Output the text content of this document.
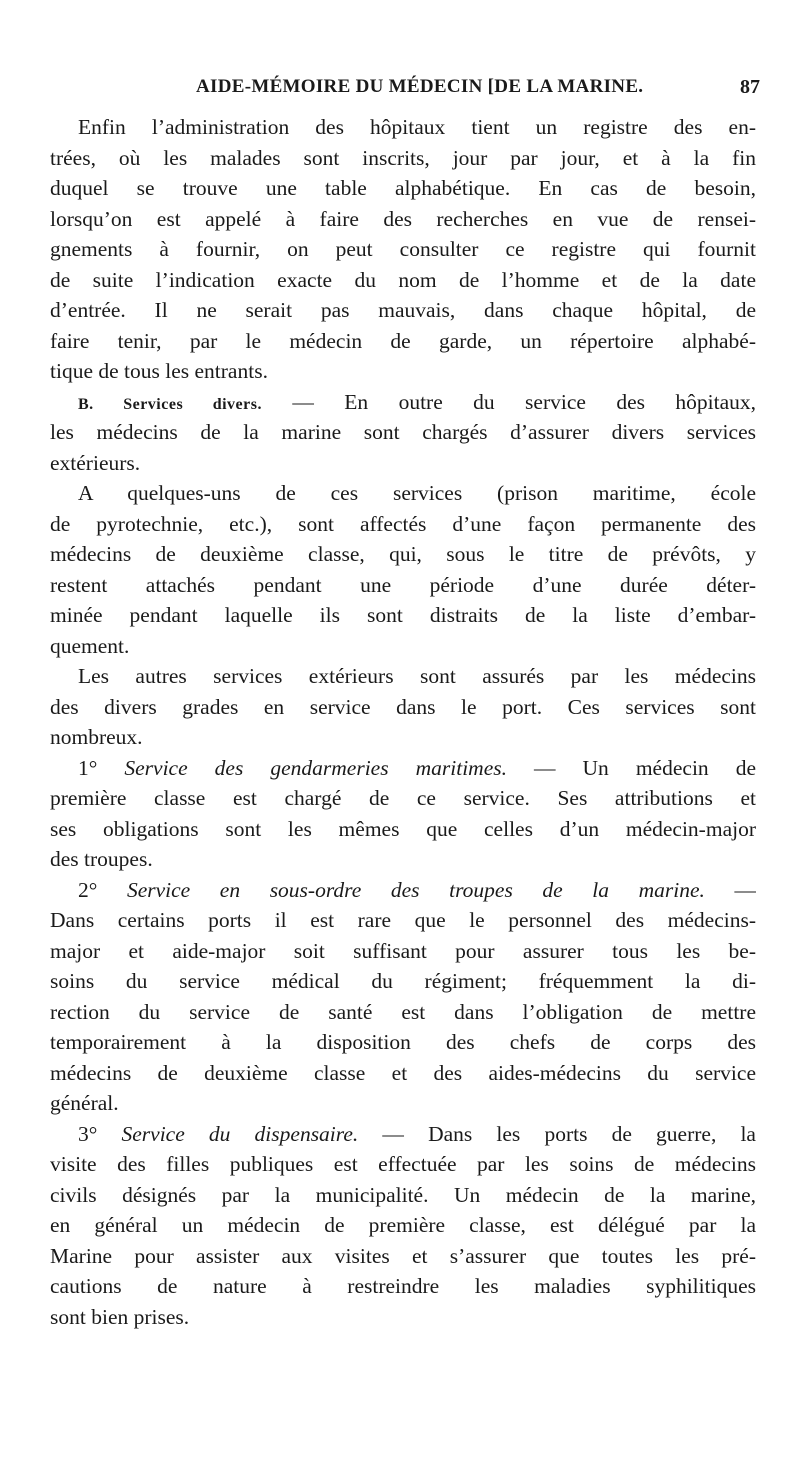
AIDE-MÉMOIRE DU MÉDECIN [DE LA MARINE.	87
Enfin l’administration des hôpitaux tient un registre des en-
trées, où les malades sont inscrits, jour par jour, et à la fin
duquel se trouve une table alphabétique. En cas de besoin,
lorsqu’on est appelé à faire des recherches en vue de rensei-
gnements à fournir, on peut consulter ce registre qui fournit
de suite l’indication exacte du nom de l’homme et de la date
d’entrée. Il ne serait pas mauvais, dans chaque hôpital, de
faire tenir, par le médecin de garde, un répertoire alphabé-
tique de tous les entrants.
B. Services divers. — En outre du service des hôpitaux,
les médecins de la marine sont chargés d’assurer divers services
extérieurs.
A quelques-uns de ces services (prison maritime, école
de pyrotechnie, etc.), sont affectés d’une façon permanente des
médecins de deuxième classe, qui, sous le titre de prévôts, y
restent attachés pendant une période d’une durée déter-
minée pendant laquelle ils sont distraits de la liste d’embar-
quement.
Les autres services extérieurs sont assurés par les médecins
des divers grades en service dans le port. Ces services sont
nombreux.
1° Service des gendarmeries maritimes. — Un médecin de
première classe est chargé de ce service. Ses attributions et
ses obligations sont les mêmes que celles d’un médecin-major
des troupes.
2° Service en sous-ordre des troupes de la marine. —
Dans certains ports il est rare que le personnel des médecins-
major et aide-major soit suffisant pour assurer tous les be-
soins du service médical du régiment; fréquemment la di-
rection du service de santé est dans l’obligation de mettre
temporairement à la disposition des chefs de corps des
médecins de deuxième classe et des aides-médecins du service
général.
3° Service du dispensaire. — Dans les ports de guerre, la
visite des filles publiques est effectuée par les soins de médecins
civils désignés par la municipalité. Un médecin de la marine,
en général un médecin de première classe, est délégué par la
Marine pour assister aux visites et s’assurer que toutes les pré-
cautions de nature à restreindre les maladies syphilitiques
sont bien prises.
